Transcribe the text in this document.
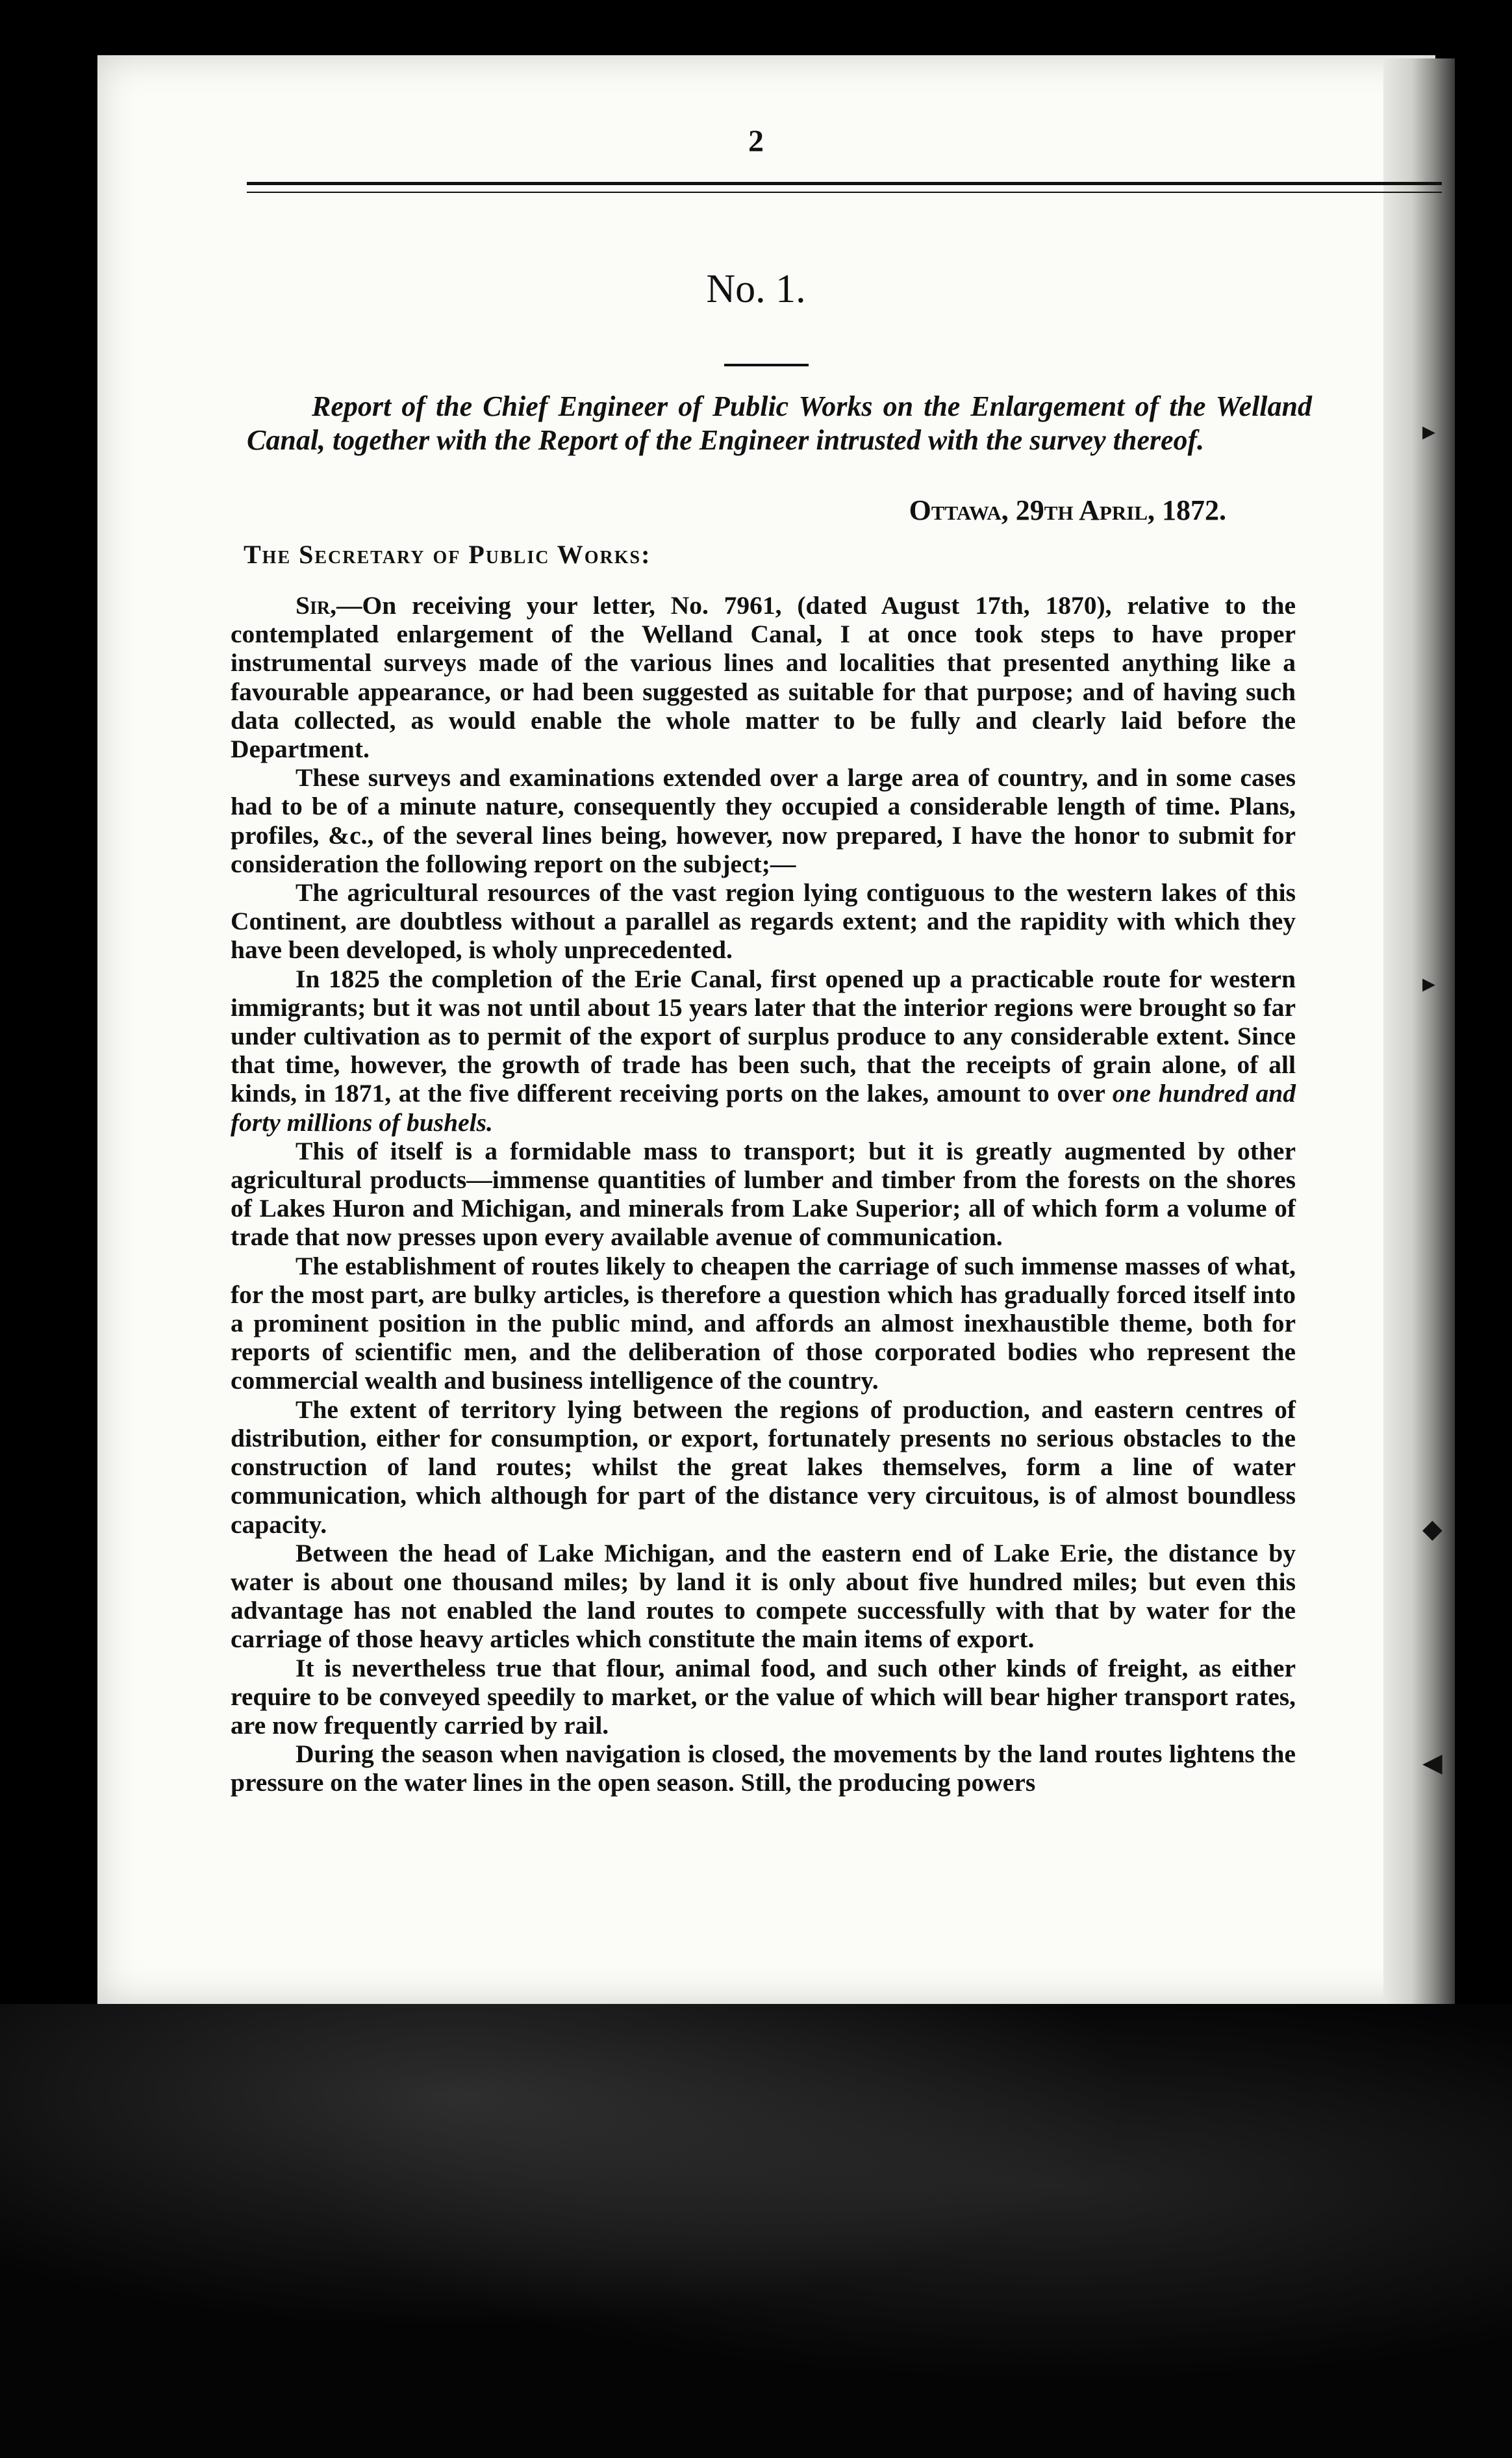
2
No. 1.
Report of the Chief Engineer of Public Works on the Enlargement of the Welland Canal, together with the Report of the Engineer intrusted with the survey thereof.
Ottawa, 29th April, 1872.
The Secretary of Public Works:

Sir,—On receiving your letter, No. 7961, (dated August 17th, 1870), relative to the contemplated enlargement of the Welland Canal, I at once took steps to have proper instrumental surveys made of the various lines and localities that presented anything like a favourable appearance, or had been suggested as suitable for that purpose; and of having such data collected, as would enable the whole matter to be fully and clearly laid before the Department.

These surveys and examinations extended over a large area of country, and in some cases had to be of a minute nature, consequently they occupied a considerable length of time. Plans, profiles, &c., of the several lines being, however, now prepared, I have the honor to submit for consideration the following report on the subject;—

The agricultural resources of the vast region lying contiguous to the western lakes of this Continent, are doubtless without a parallel as regards extent; and the rapidity with which they have been developed, is wholy unprecedented.

In 1825 the completion of the Erie Canal, first opened up a practicable route for western immigrants; but it was not until about 15 years later that the interior regions were brought so far under cultivation as to permit of the export of surplus produce to any considerable extent. Since that time, however, the growth of trade has been such, that the receipts of grain alone, of all kinds, in 1871, at the five different receiving ports on the lakes, amount to over one hundred and forty millions of bushels.

This of itself is a formidable mass to transport; but it is greatly augmented by other agricultural products—immense quantities of lumber and timber from the forests on the shores of Lakes Huron and Michigan, and minerals from Lake Superior; all of which form a volume of trade that now presses upon every available avenue of communication.

The establishment of routes likely to cheapen the carriage of such immense masses of what, for the most part, are bulky articles, is therefore a question which has gradually forced itself into a prominent position in the public mind, and affords an almost inexhaustible theme, both for reports of scientific men, and the deliberation of those corporated bodies who represent the commercial wealth and business intelligence of the country.

The extent of territory lying between the regions of production, and eastern centres of distribution, either for consumption, or export, fortunately presents no serious obstacles to the construction of land routes; whilst the great lakes themselves, form a line of water communication, which although for part of the distance very circuitous, is of almost boundless capacity.

Between the head of Lake Michigan, and the eastern end of Lake Erie, the distance by water is about one thousand miles; by land it is only about five hundred miles; but even this advantage has not enabled the land routes to compete successfully with that by water for the carriage of those heavy articles which constitute the main items of export.

It is nevertheless true that flour, animal food, and such other kinds of freight, as either require to be conveyed speedily to market, or the value of which will bear higher transport rates, are now frequently carried by rail.

During the season when navigation is closed, the movements by the land routes lightens the pressure on the water lines in the open season. Still, the producing powers

▸
▸
◆
◀
